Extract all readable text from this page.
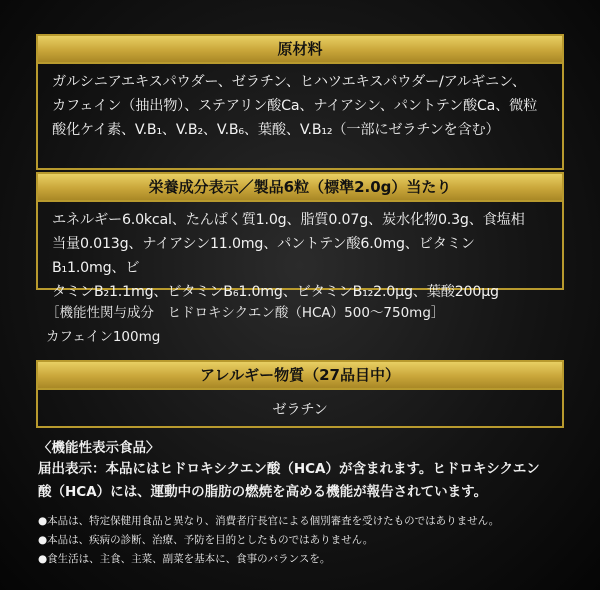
原材料
ガルシニアエキスパウダー、ゼラチン、ヒハツエキスパウダー/アルギニン、
カフェイン（抽出物）、ステアリン酸Ca、ナイアシン、パントテン酸Ca、微粒
酸化ケイ素、V.B₁、V.B₂、V.B₆、葉酸、V.B₁₂（一部にゼラチンを含む）
栄養成分表示／製品6粒（標準2.0g）当たり
エネルギー6.0kcal、たんぱく質1.0g、脂質0.07g、炭水化物0.3g、食塩相
当量0.013g、ナイアシン11.0mg、パントテン酸6.0mg、ビタミンB₁1.0mg、ビ
タミンB₂1.1mg、ビタミンB₆1.0mg、ビタミンB₁₂2.0μg、葉酸200μg
［機能性関与成分　ヒドロキシクエン酸（HCA）500～750mg］
カフェイン100mg
アレルギー物質（27品目中）
ゼラチン
〈機能性表示食品〉
届出表示：本品にはヒドロキシクエン酸（HCA）が含まれます。ヒドロキシクエン
酸（HCA）には、運動中の脂肪の燃焼を高める機能が報告されています。
●本品は、特定保健用食品と異なり、消費者庁長官による個別審査を受けたものではありません。
●本品は、疾病の診断、治療、予防を目的としたものではありません。
●食生活は、主食、主菜、副菜を基本に、食事のバランスを。
